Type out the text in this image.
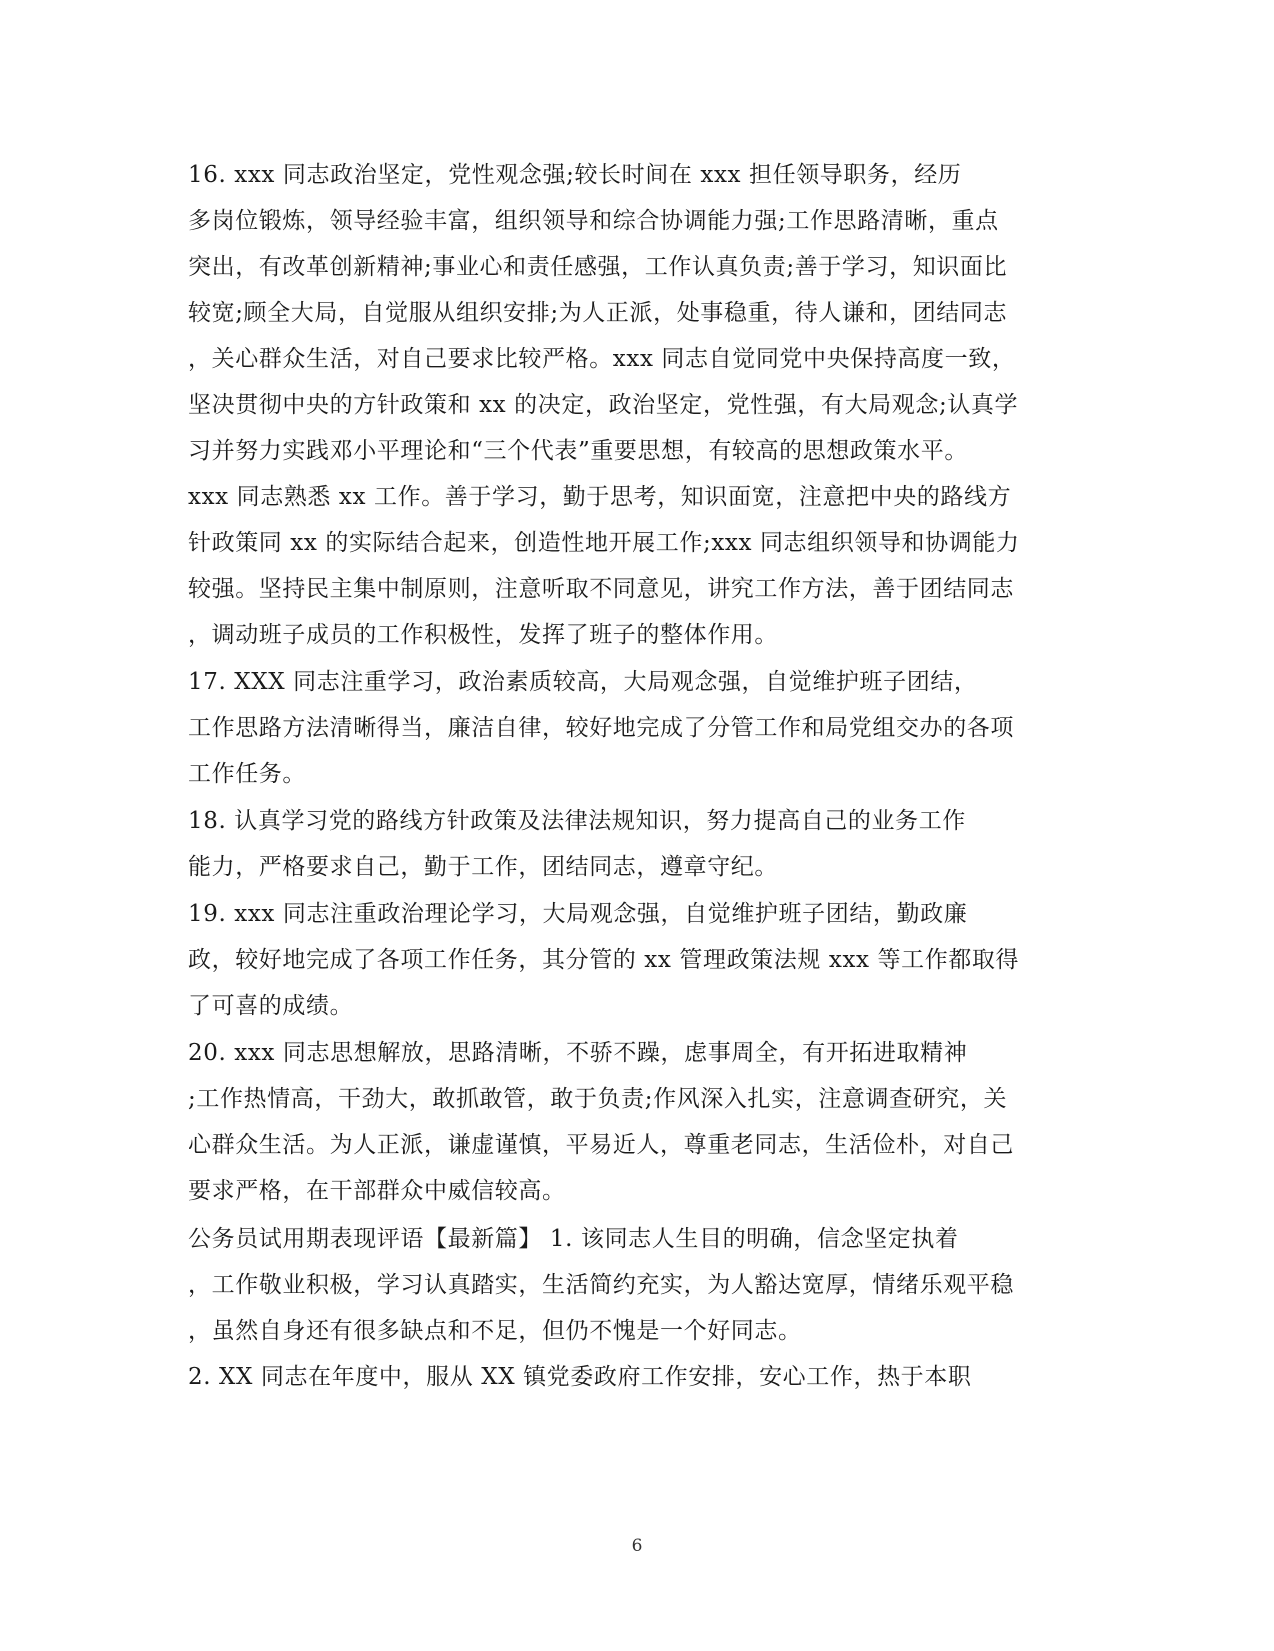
16. xxx 同志政治坚定，党性观念强;较长时间在 xxx 担任领导职务，经历
多岗位锻炼，领导经验丰富，组织领导和综合协调能力强;工作思路清晰，重点
突出，有改革创新精神;事业心和责任感强，工作认真负责;善于学习，知识面比
较宽;顾全大局，自觉服从组织安排;为人正派，处事稳重，待人谦和，团结同志
，关心群众生活，对自己要求比较严格。xxx 同志自觉同党中央保持高度一致，
坚决贯彻中央的方针政策和 xx 的决定，政治坚定，党性强，有大局观念;认真学
习并努力实践邓小平理论和“三个代表”重要思想，有较高的思想政策水平。
xxx 同志熟悉 xx 工作。善于学习，勤于思考，知识面宽，注意把中央的路线方
针政策同 xx 的实际结合起来，创造性地开展工作;xxx 同志组织领导和协调能力
较强。坚持民主集中制原则，注意听取不同意见，讲究工作方法，善于团结同志
，调动班子成员的工作积极性，发挥了班子的整体作用。
17. XXX 同志注重学习，政治素质较高，大局观念强，自觉维护班子团结，
工作思路方法清晰得当，廉洁自律，较好地完成了分管工作和局党组交办的各项
工作任务。
18. 认真学习党的路线方针政策及法律法规知识，努力提高自己的业务工作
能力，严格要求自己，勤于工作，团结同志，遵章守纪。
19. xxx 同志注重政治理论学习，大局观念强，自觉维护班子团结，勤政廉
政，较好地完成了各项工作任务，其分管的 xx 管理政策法规 xxx 等工作都取得
了可喜的成绩。
20. xxx 同志思想解放，思路清晰，不骄不躁，虑事周全，有开拓进取精神
;工作热情高，干劲大，敢抓敢管，敢于负责;作风深入扎实，注意调查研究，关
心群众生活。为人正派，谦虚谨慎，平易近人，尊重老同志，生活俭朴，对自己
要求严格，在干部群众中威信较高。
公务员试用期表现评语【最新篇】 1. 该同志人生目的明确，信念坚定执着
，工作敬业积极，学习认真踏实，生活简约充实，为人豁达宽厚，情绪乐观平稳
，虽然自身还有很多缺点和不足，但仍不愧是一个好同志。
2. XX 同志在年度中，服从 XX 镇党委政府工作安排，安心工作，热于本职
6
